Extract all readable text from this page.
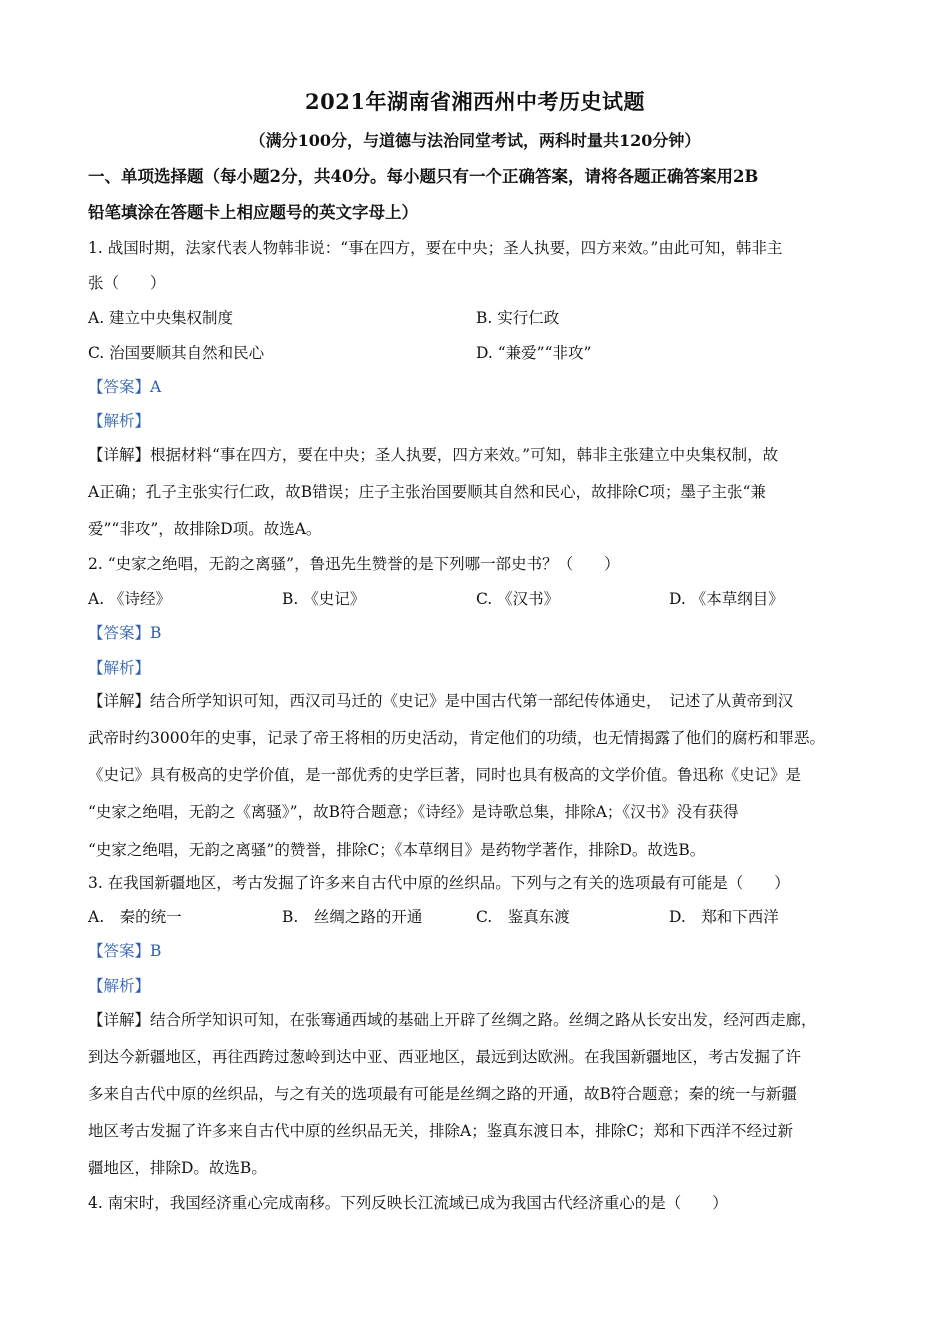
2021年湖南省湘西州中考历史试题
（满分100分，与道德与法治同堂考试，两科时量共120分钟）
一、单项选择题（每小题2分，共40分。每小题只有一个正确答案，请将各题正确答案用2B
铅笔填涂在答题卡上相应题号的英文字母上）
1. 战国时期，法家代表人物韩非说：“事在四方，要在中央；圣人执要，四方来效。”由此可知，韩非主
张（　　）
A. 建立中央集权制度	B. 实行仁政
C. 治国要顺其自然和民心	D. “兼爱”“非攻”
【答案】A
【解析】
【详解】根据材料“事在四方，要在中央；圣人执要，四方来效。”可知，韩非主张建立中央集权制，故
A正确；孔子主张实行仁政，故B错误；庄子主张治国要顺其自然和民心，故排除C项；墨子主张“兼
爱”“非攻”，故排除D项。故选A。
2. “史家之绝唱，无韵之离骚”，鲁迅先生赞誉的是下列哪一部史书？（　　）
A. 《诗经》	B. 《史记》	C. 《汉书》	D. 《本草纲目》
【答案】B
【解析】
【详解】结合所学知识可知，西汉司马迁的《史记》是中国古代第一部纪传体通史，　记述了从黄帝到汉
武帝时约3000年的史事，记录了帝王将相的历史活动，肯定他们的功绩，也无情揭露了他们的腐朽和罪恶。
《史记》具有极高的史学价值，是一部优秀的史学巨著，同时也具有极高的文学价值。鲁迅称《史记》是
“史家之绝唱，无韵之《离骚》”，故B符合题意；《诗经》是诗歌总集，排除A；《汉书》没有获得
“史家之绝唱，无韵之离骚”的赞誉，排除C；《本草纲目》是药物学著作，排除D。故选B。
3. 在我国新疆地区，考古发掘了许多来自古代中原的丝织品。下列与之有关的选项最有可能是（　　）
A.　秦的统一	B.　丝绸之路的开通	C.　鉴真东渡	D.　郑和下西洋
【答案】B
【解析】
【详解】结合所学知识可知，在张骞通西域的基础上开辟了丝绸之路。丝绸之路从长安出发，经河西走廊，
到达今新疆地区，再往西跨过葱岭到达中亚、西亚地区，最远到达欧洲。在我国新疆地区，考古发掘了许
多来自古代中原的丝织品，与之有关的选项最有可能是丝绸之路的开通，故B符合题意；秦的统一与新疆
地区考古发掘了许多来自古代中原的丝织品无关，排除A；鉴真东渡日本，排除C；郑和下西洋不经过新
疆地区，排除D。故选B。
4. 南宋时，我国经济重心完成南移。下列反映长江流域已成为我国古代经济重心的是（　　）
